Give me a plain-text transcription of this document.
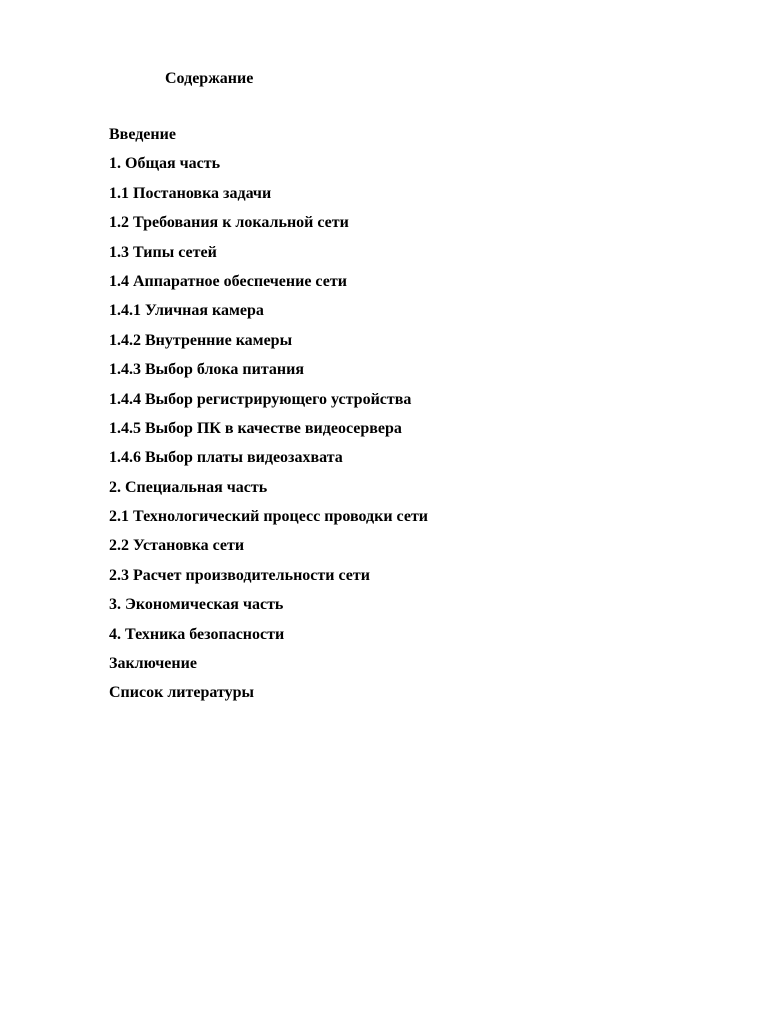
Содержание
Введение
1. Общая часть
1.1 Постановка задачи
1.2 Требования к локальной сети
1.3 Типы сетей
1.4 Аппаратное обеспечение сети
1.4.1 Уличная камера
1.4.2 Внутренние камеры
1.4.3 Выбор блока питания
1.4.4 Выбор регистрирующего устройства
1.4.5 Выбор ПК в качестве видеосервера
1.4.6 Выбор платы видеозахвата
2. Специальная часть
2.1 Технологический процесс проводки сети
2.2 Установка сети
2.3 Расчет производительности сети
3. Экономическая часть
4. Техника безопасности
Заключение
Список литературы
